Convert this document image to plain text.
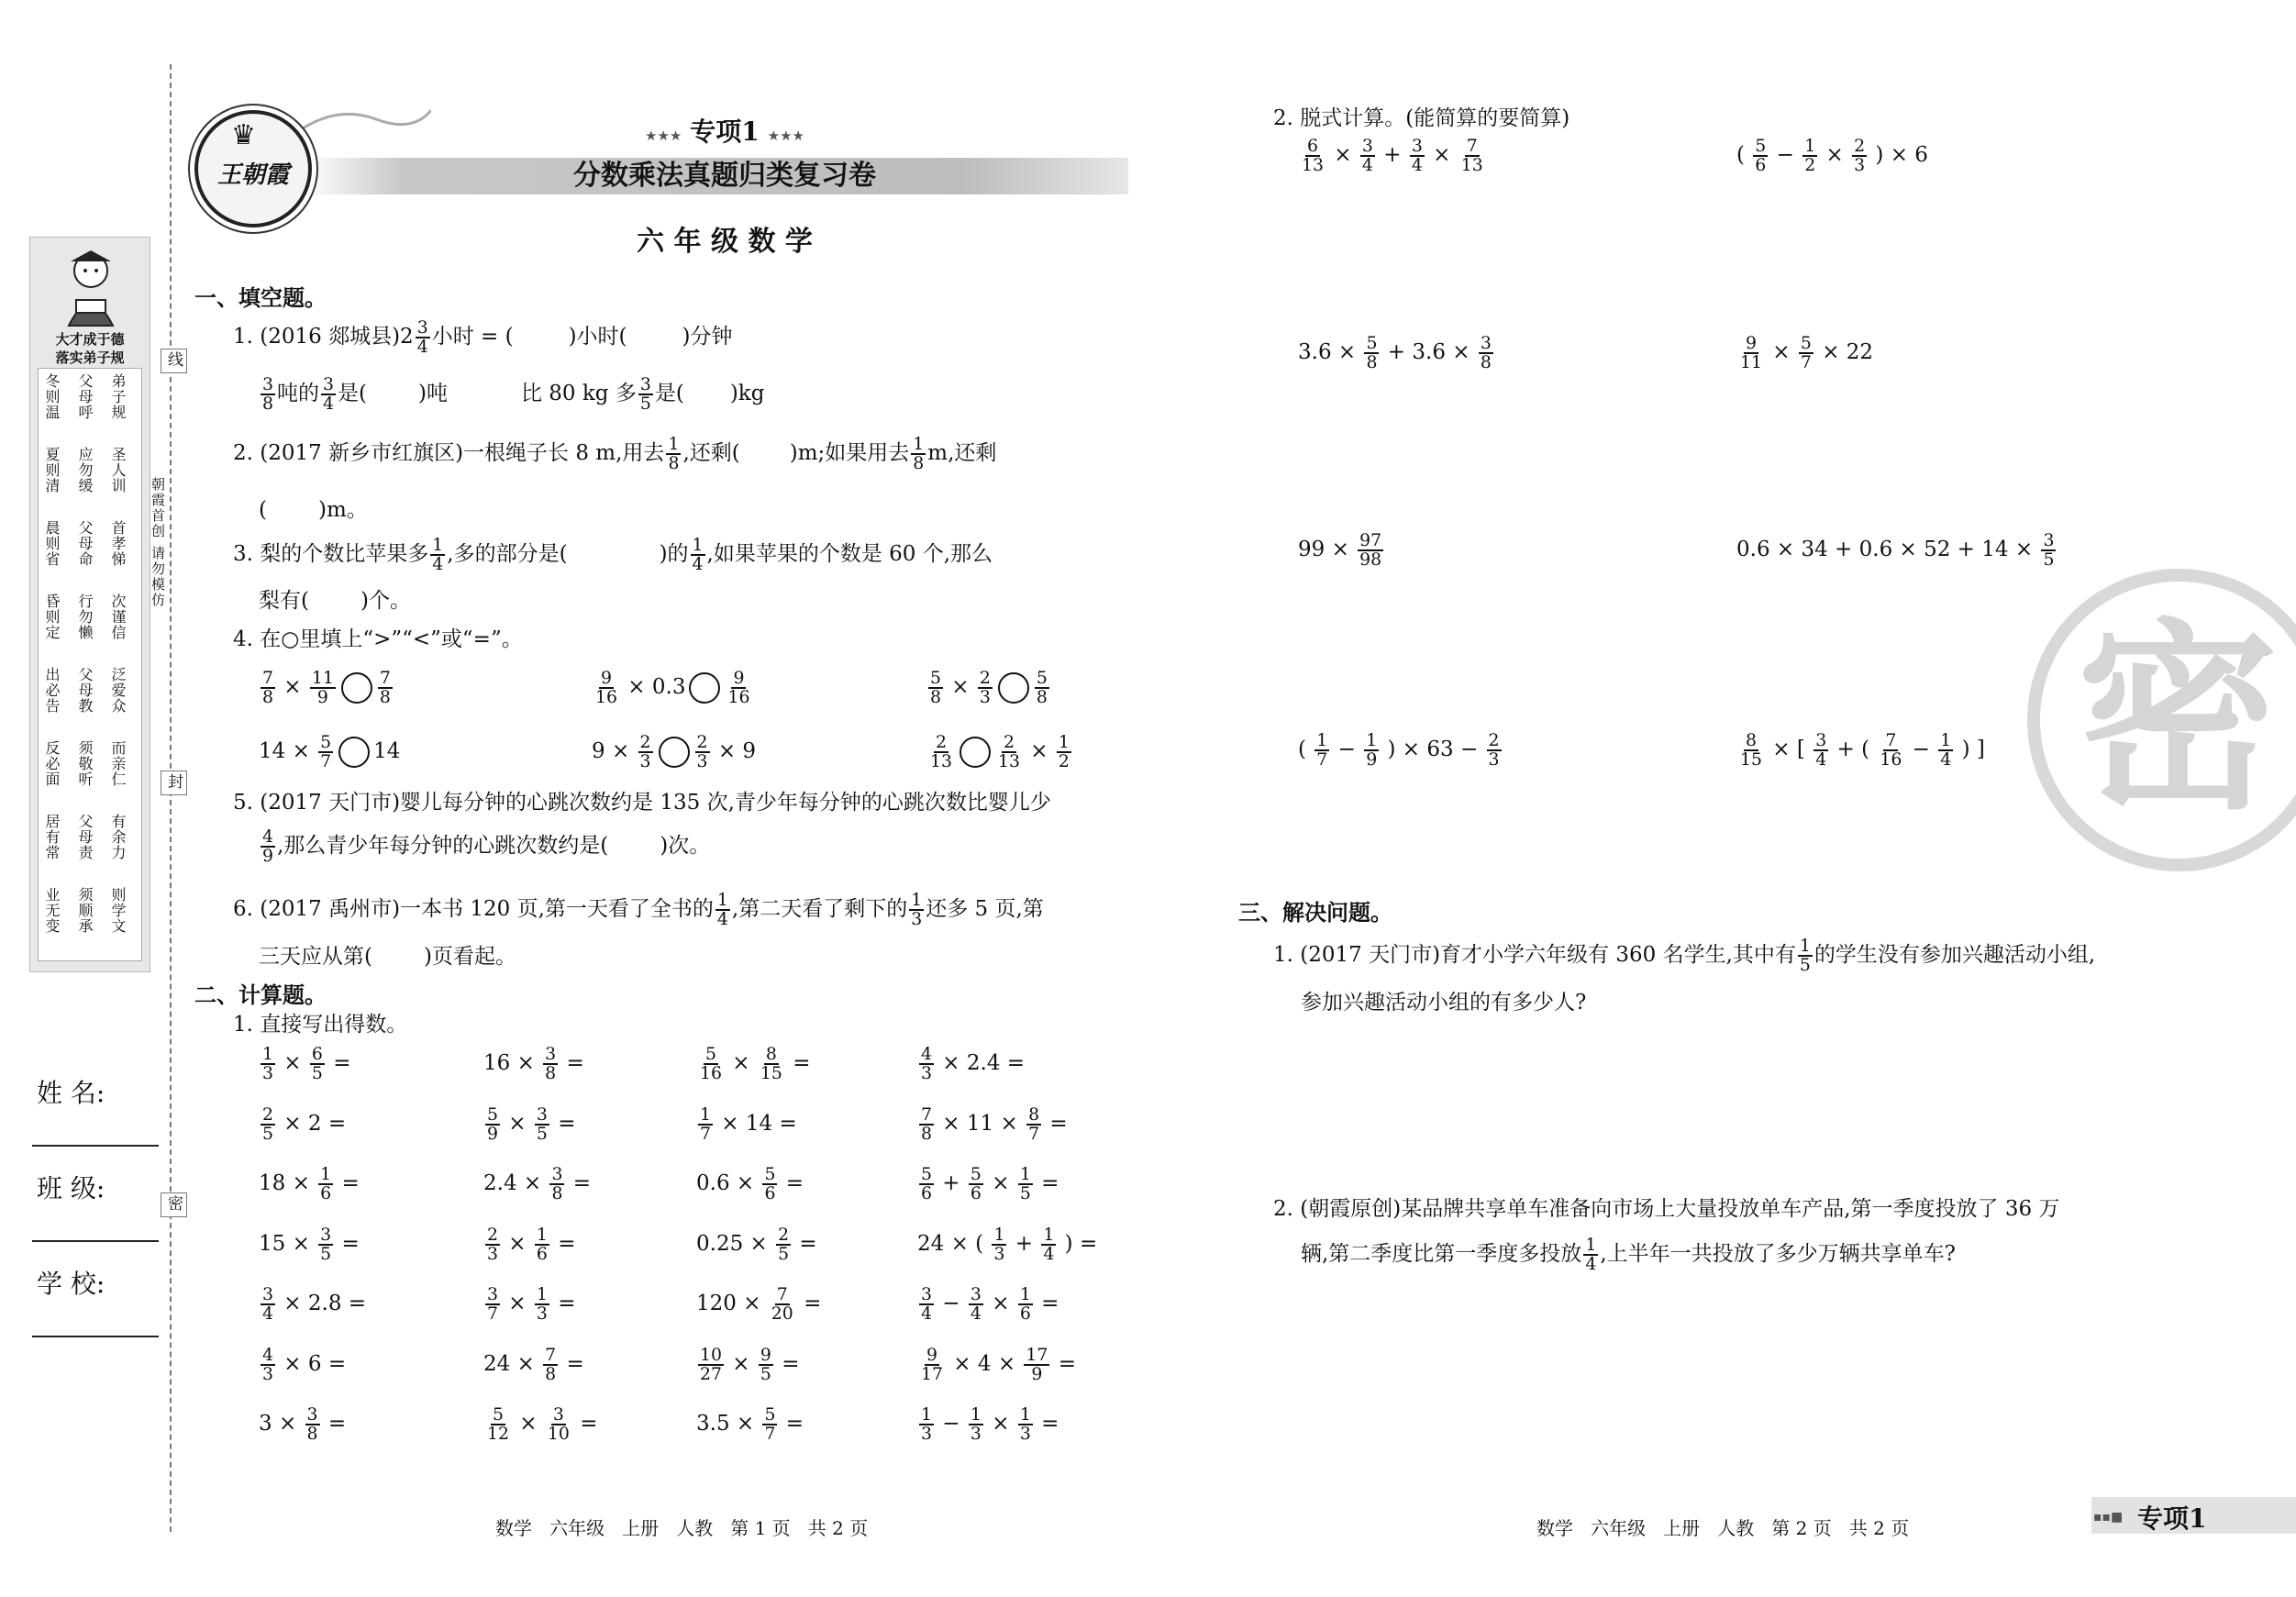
大才成于德
落实弟子规
冬则温
夏则清
晨则省
昏则定
出必告
反必面
居有常
业无变
父母呼
应勿缓
父母命
行勿懒
父母教
须敬听
父母责
须顺承
弟子规
圣人训
首孝悌
次谨信
泛爱众
而亲仁
有余力
则学文
线
封
密
朝霞首创 请勿模仿
姓 名:
班 级:
学 校:
♛
王朝霞
★★★ 专项1 ★★★
分数乘法真题归类复习卷
六 年 级 数 学
一、填空题。
1. (2016 郯城县)$2 \frac{3}{4}$ 小时 = (	)小时(	)分钟
$\frac{3}{8}$ 吨的 $\frac{3}{4}$ 是( )吨	比 80 kg 多 $\frac{3}{5}$ 是( )kg
2. (2017 新乡市红旗区)一根绳子长 8 m,用去 $\frac{1}{8}$ ,还剩( )m;如果用去 $\frac{1}{8} m$,还剩
( )m。
3. 梨的个数比苹果多 $\frac{1}{4}$ ,多的部分是(	)的 $\frac{1}{4}$ ,如果苹果的个数是 60 个,那么
梨有( )个。
4. 在○里填上“>”“<”或“=”。
$\frac{7}{8} \times \frac{11}{9} \frac{7}{8}$	$\frac{9}{16} \times 0.3 \frac{9}{16}$	$\frac{5}{8} \times \frac{2}{3} \frac{5}{8}$
$14 \times \frac{5}{7} 14$	$9 \times \frac{2}{3} \frac{2}{3} \times 9$	$\frac{2}{13} \frac{2}{13} \times \frac{1}{2}$
5. (2017 天门市)婴儿每分钟的心跳次数约是 135 次,青少年每分钟的心跳次数比婴儿少
$\frac{4}{9}$ ,那么青少年每分钟的心跳次数约是( )次。
6. (2017 禹州市)一本书 120 页,第一天看了全书的 $\frac{1}{4}$ ,第二天看了剩下的 $\frac{1}{3}$ 还多 5 页,第
三天应从第( )页看起。
二、计算题。
1. 直接写出得数。
$\frac{1}{3} \times \frac{6}{5}$ =	$16 \times \frac{3}{8}$ =	$\frac{5}{16} \times \frac{8}{15}$ =	$\frac{4}{3} \times 2.4$ =
$\frac{2}{5} \times 2$ =	$\frac{5}{9} \times \frac{3}{5}$ =	$\frac{1}{7} \times 14$ =	$\frac{7}{8} \times 11 \times \frac{8}{7}$ =
$18 \times \frac{1}{6}$ =	$2.4 \times \frac{3}{8}$ =	$0.6 \times \frac{5}{6}$ =	$\frac{5}{6} + \frac{5}{6} \times \frac{1}{5}$ =
$15 \times \frac{3}{5}$ =	$\frac{2}{3} \times \frac{1}{6}$ =	$0.25 \times \frac{2}{5}$ =	24 × ( $\frac{1}{3} + \frac{1}{4}$ ) =
$\frac{3}{4} \times 2.8$ =	$\frac{3}{7} \times \frac{1}{3}$ =	$120 \times \frac{7}{20}$ =	$\frac{3}{4} - \frac{3}{4} \times \frac{1}{6}$ =
$\frac{4}{3} \times 6$ =	$24 \times \frac{7}{8}$ =	$\frac{10}{27} \times \frac{9}{5}$ =	$\frac{9}{17} \times 4 \times \frac{17}{9}$ =
$3 \times \frac{3}{8}$ =	$\frac{5}{12} \times \frac{3}{10}$ =	$3.5 \times \frac{5}{7}$ =	$\frac{1}{3} - \frac{1}{3} \times \frac{1}{3}$ =
2. 脱式计算。(能简算的要简算)
$\frac{6}{13} \times \frac{3}{4} + \frac{3}{4} \times \frac{7}{13}$	( $\frac{5}{6} - \frac{1}{2} \times \frac{2}{3}$ ) × 6
$3.6 \times \frac{5}{8} + 3.6 \times \frac{3}{8}$	$\frac{9}{11} \times \frac{5}{7} \times 22$
$99 \times \frac{97}{98}$	$0.6 \times 34 + 0.6 \times 52 + 14 \times \frac{3}{5}$
( $\frac{1}{7} - \frac{1}{9}$ ) × $63 - \frac{2}{3}$	$\frac{8}{15}$ × [ $\frac{3}{4}$ + ( $\frac{7}{16} - \frac{1}{4}$ ) ] 密
三、解决问题。
1. (2017 天门市)育才小学六年级有 360 名学生,其中有 $\frac{1}{5}$ 的学生没有参加兴趣活动小组,
参加兴趣活动小组的有多少人?
2. (朝霞原创)某品牌共享单车准备向市场上大量投放单车产品,第一季度投放了 36 万
辆,第二季度比第一季度多投放 $\frac{1}{4}$ ,上半年一共投放了多少万辆共享单车?
数学   六年级   上册   人教   第 1 页   共 2 页	数学   六年级   上册   人教   第 2 页   共 2 页	▪▪■ 专项1
